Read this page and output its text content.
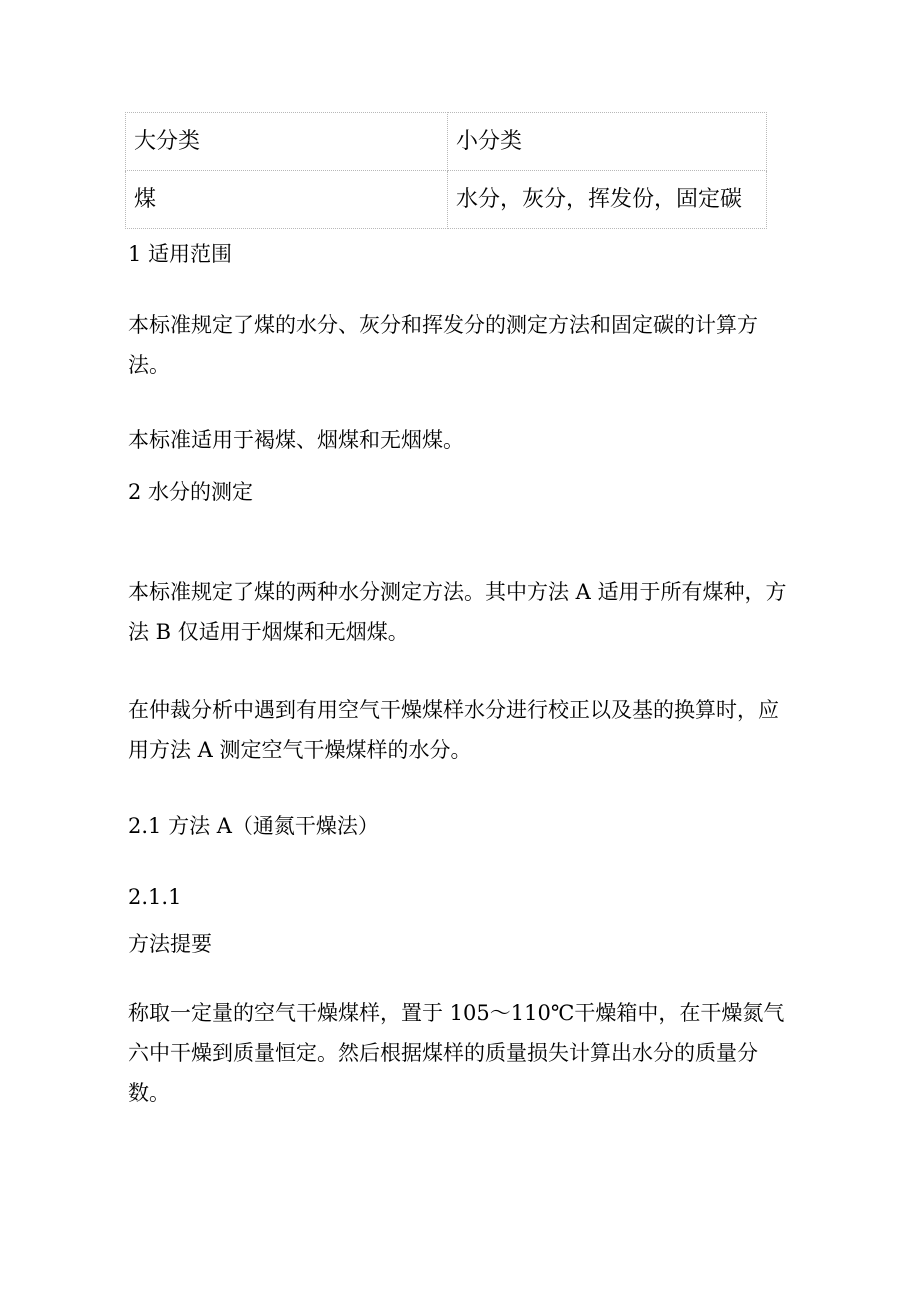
大分类	小分类
煤	水分，灰分，挥发份，固定碳

1 适用范围

本标准规定了煤的水分、灰分和挥发分的测定方法和固定碳的计算方法。

本标准适用于褐煤、烟煤和无烟煤。

2 水分的测定

本标准规定了煤的两种水分测定方法。其中方法 A 适用于所有煤种，方法 B 仅适用于烟煤和无烟煤。

在仲裁分析中遇到有用空气干燥煤样水分进行校正以及基的换算时，应用方法 A 测定空气干燥煤样的水分。

2.1 方法 A（通氮干燥法）

2.1.1

方法提要

称取一定量的空气干燥煤样，置于 105～110℃干燥箱中，在干燥氮气六中干燥到质量恒定。然后根据煤样的质量损失计算出水分的质量分数。
